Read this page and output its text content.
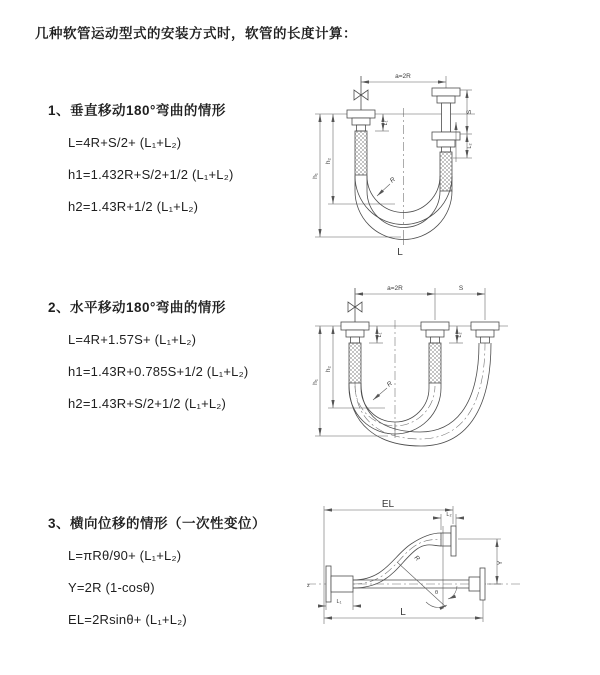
几种软管运动型式的安装方式时，软管的长度计算：
1、垂直移动180°弯曲的情形
L=4R+S/2+ (L₁+L₂)
h1=1.432R+S/2+1/2 (L₁+L₂)
h2=1.43R+1/2 (L₁+L₂)
2、水平移动180°弯曲的情形
L=4R+1.57S+ (L₁+L₂)
h1=1.43R+0.785S+1/2 (L₁+L₂)
h2=1.43R+S/2+1/2 (L₁+L₂)
3、横向位移的情形（一次性变位）
L=πRθ/90+ (L₁+L₂)
Y=2R (1-cosθ)
EL=2Rsinθ+ (L₁+L₂)
a=2R
S
L₂
L₁
h₁
h₂
R
L
a=2R	S
L₁	L₂
h₁
h₂
R
z
θ
R
EL
L₂
Y
L
L₁
